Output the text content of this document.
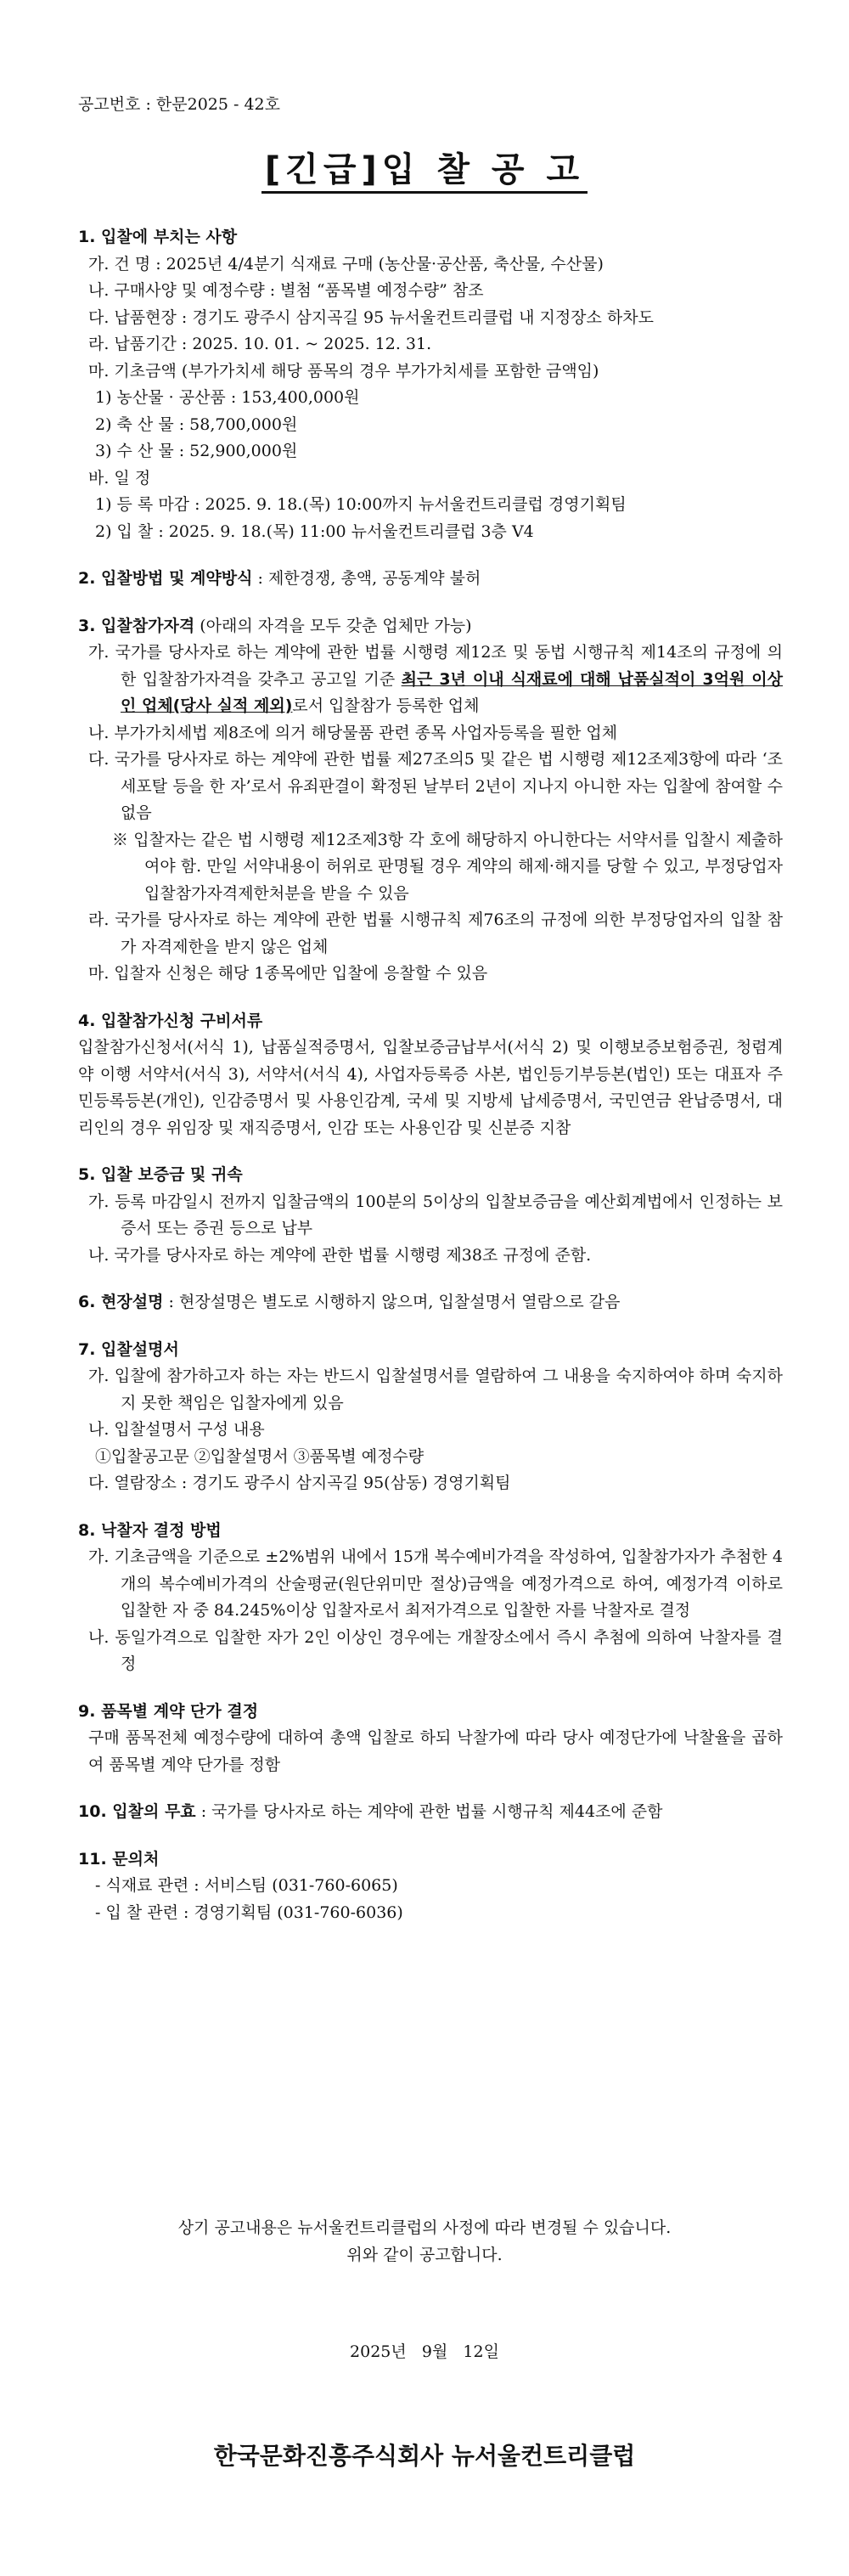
공고번호 : 한문2025 - 42호
[긴급]입 찰 공 고
1. 입찰에 부치는 사항
가. 건 명 : 2025년 4/4분기 식재료 구매 (농산물·공산품, 축산물, 수산물)
나. 구매사양 및 예정수량 : 별첨 “품목별 예정수량” 참조
다. 납품현장 : 경기도 광주시 삼지곡길 95 뉴서울컨트리클럽 내 지정장소 하차도
라. 납품기간 : 2025. 10. 01. ~ 2025. 12. 31.
마. 기초금액 (부가가치세 해당 품목의 경우 부가가치세를 포함한 금액임)
1) 농산물 · 공산품 : 153,400,000원
2) 축 산 물 : 58,700,000원
3) 수 산 물 : 52,900,000원
바. 일 정
1) 등 록 마감 : 2025. 9. 18.(목) 10:00까지 뉴서울컨트리클럽 경영기획팀
2) 입 찰 : 2025. 9. 18.(목) 11:00 뉴서울컨트리클럽 3층 V4
2. 입찰방법 및 계약방식 : 제한경쟁, 총액, 공동계약 불허
3. 입찰참가자격 (아래의 자격을 모두 갖춘 업체만 가능)
가. 국가를 당사자로 하는 계약에 관한 법률 시행령 제12조 및 동법 시행규칙 제14조의 규정에 의한 입찰참가자격을 갖추고 공고일 기준 최근 3년 이내 식재료에 대해 납품실적이 3억원 이상인 업체(당사 실적 제외)로서 입찰참가 등록한 업체
나. 부가가치세법 제8조에 의거 해당물품 관련 종목 사업자등록을 필한 업체
다. 국가를 당사자로 하는 계약에 관한 법률 제27조의5 및 같은 법 시행령 제12조제3항에 따라 ‘조세포탈 등을 한 자’로서 유죄판결이 확정된 날부터 2년이 지나지 아니한 자는 입찰에 참여할 수 없음
※ 입찰자는 같은 법 시행령 제12조제3항 각 호에 해당하지 아니한다는 서약서를 입찰시 제출하여야 함. 만일 서약내용이 허위로 판명될 경우 계약의 해제·해지를 당할 수 있고, 부정당업자 입찰참가자격제한처분을 받을 수 있음
라. 국가를 당사자로 하는 계약에 관한 법률 시행규칙 제76조의 규정에 의한 부정당업자의 입찰 참가 자격제한을 받지 않은 업체
마. 입찰자 신청은 해당 1종목에만 입찰에 응찰할 수 있음
4. 입찰참가신청 구비서류
입찰참가신청서(서식 1), 납품실적증명서, 입찰보증금납부서(서식 2) 및 이행보증보험증권, 청렴계약 이행 서약서(서식 3), 서약서(서식 4), 사업자등록증 사본, 법인등기부등본(법인) 또는 대표자 주민등록등본(개인), 인감증명서 및 사용인감계, 국세 및 지방세 납세증명서, 국민연금 완납증명서, 대리인의 경우 위임장 및 재직증명서, 인감 또는 사용인감 및 신분증 지참
5. 입찰 보증금 및 귀속
가. 등록 마감일시 전까지 입찰금액의 100분의 5이상의 입찰보증금을 예산회계법에서 인정하는 보증서 또는 증권 등으로 납부
나. 국가를 당사자로 하는 계약에 관한 법률 시행령 제38조 규정에 준함.
6. 현장설명 : 현장설명은 별도로 시행하지 않으며, 입찰설명서 열람으로 갈음
7. 입찰설명서
가. 입찰에 참가하고자 하는 자는 반드시 입찰설명서를 열람하여 그 내용을 숙지하여야 하며 숙지하지 못한 책임은 입찰자에게 있음
나. 입찰설명서 구성 내용
①입찰공고문 ②입찰설명서 ③품목별 예정수량
다. 열람장소 : 경기도 광주시 삼지곡길 95(삼동) 경영기획팀
8. 낙찰자 결정 방법
가. 기초금액을 기준으로 ±2%범위 내에서 15개 복수예비가격을 작성하여, 입찰참가자가 추첨한 4개의 복수예비가격의 산술평균(원단위미만 절상)금액을 예정가격으로 하여, 예정가격 이하로 입찰한 자 중 84.245%이상 입찰자로서 최저가격으로 입찰한 자를 낙찰자로 결정
나. 동일가격으로 입찰한 자가 2인 이상인 경우에는 개찰장소에서 즉시 추첨에 의하여 낙찰자를 결정
9. 품목별 계약 단가 결정
구매 품목전체 예정수량에 대하여 총액 입찰로 하되 낙찰가에 따라 당사 예정단가에 낙찰율을 곱하여 품목별 계약 단가를 정함
10. 입찰의 무효 : 국가를 당사자로 하는 계약에 관한 법률 시행규칙 제44조에 준함
11. 문의처
- 식재료 관련 : 서비스팀 (031-760-6065)
- 입 찰 관련 : 경영기획팀 (031-760-6036)
상기 공고내용은 뉴서울컨트리클럽의 사정에 따라 변경될 수 있습니다.
위와 같이 공고합니다.
2025년   9월   12일
한국문화진흥주식회사 뉴서울컨트리클럽
